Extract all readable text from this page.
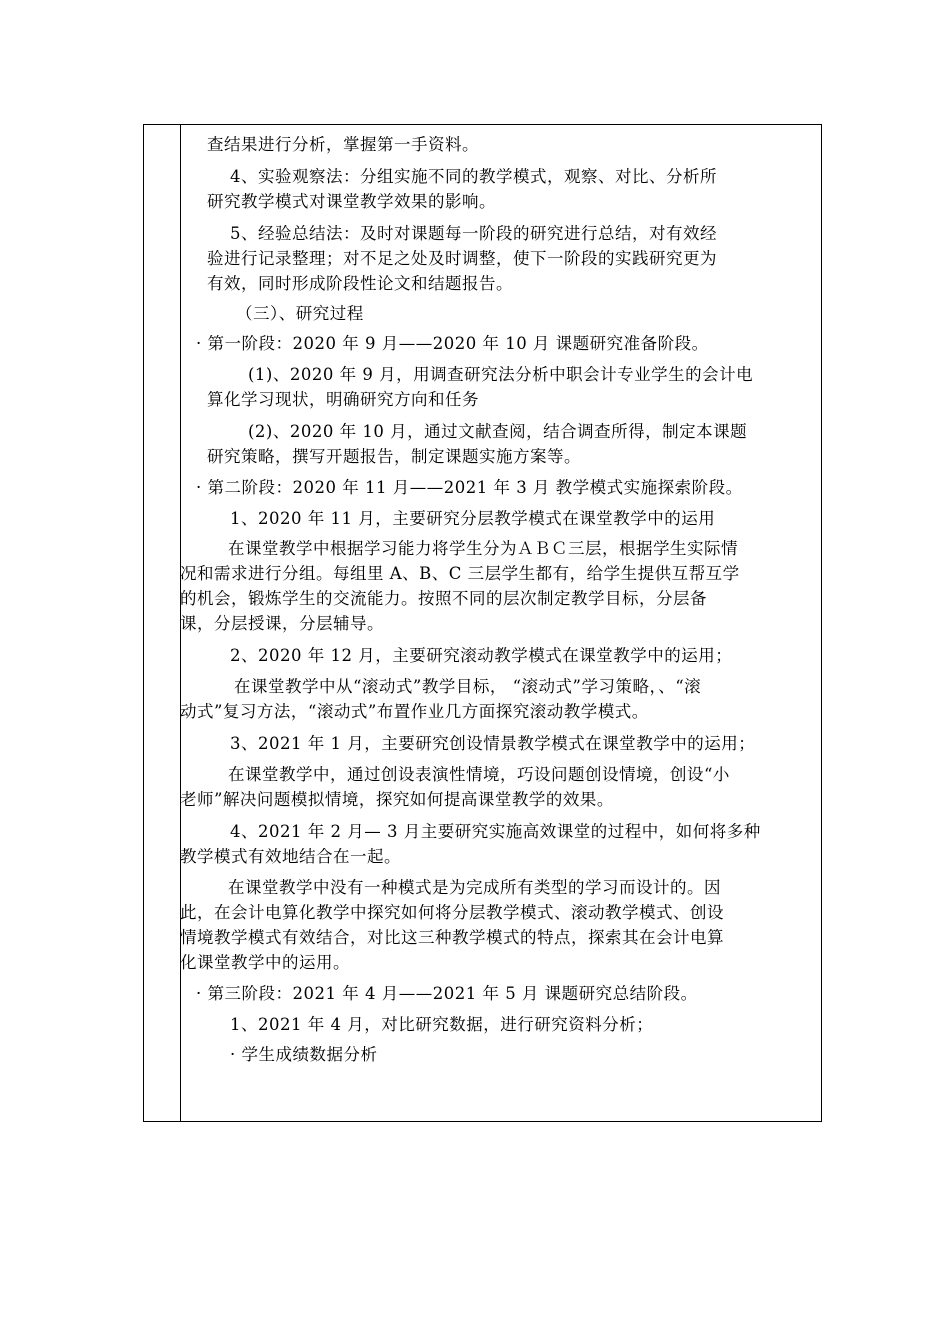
查结果进行分析，掌握第一手资料。
4、实验观察法：分组实施不同的教学模式，观察、对比、分析所
研究教学模式对课堂教学效果的影响。
5、经验总结法：及时对课题每一阶段的研究进行总结，对有效经
验进行记录整理；对不足之处及时调整，使下一阶段的实践研究更为
有效，同时形成阶段性论文和结题报告。
（三）、研究过程
· 第一阶段：2020 年 9 月——2020 年 10 月 课题研究准备阶段。
(1)、2020 年 9 月，用调查研究法分析中职会计专业学生的会计电
算化学习现状，明确研究方向和任务
(2)、2020 年 10 月，通过文献查阅，结合调查所得，制定本课题
研究策略，撰写开题报告，制定课题实施方案等。
· 第二阶段：2020 年 11 月——2021 年 3 月 教学模式实施探索阶段。
1、2020 年 11 月，主要研究分层教学模式在课堂教学中的运用
在课堂教学中根据学习能力将学生分为ＡＢＣ三层，根据学生实际情
况和需求进行分组。每组里 A、B、C 三层学生都有，给学生提供互帮互学
的机会，锻炼学生的交流能力。按照不同的层次制定教学目标，分层备
课，分层授课，分层辅导。
2、2020 年 12 月，主要研究滚动教学模式在课堂教学中的运用；
在课堂教学中从“滚动式”教学目标， “滚动式”学习策略，、“滚
动式”复习方法，“滚动式”布置作业几方面探究滚动教学模式。
3、2021 年 1 月，主要研究创设情景教学模式在课堂教学中的运用；
在课堂教学中，通过创设表演性情境，巧设问题创设情境，创设“小
老师”解决问题模拟情境，探究如何提高课堂教学的效果。
4、2021 年 2 月— 3 月主要研究实施高效课堂的过程中，如何将多种
教学模式有效地结合在一起。
在课堂教学中没有一种模式是为完成所有类型的学习而设计的。因
此，在会计电算化教学中探究如何将分层教学模式、滚动教学模式、创设
情境教学模式有效结合，对比这三种教学模式的特点，探索其在会计电算
化课堂教学中的运用。
· 第三阶段：2021 年 4 月——2021 年 5 月 课题研究总结阶段。
1、2021 年 4 月，对比研究数据，进行研究资料分析；
· 学生成绩数据分析
